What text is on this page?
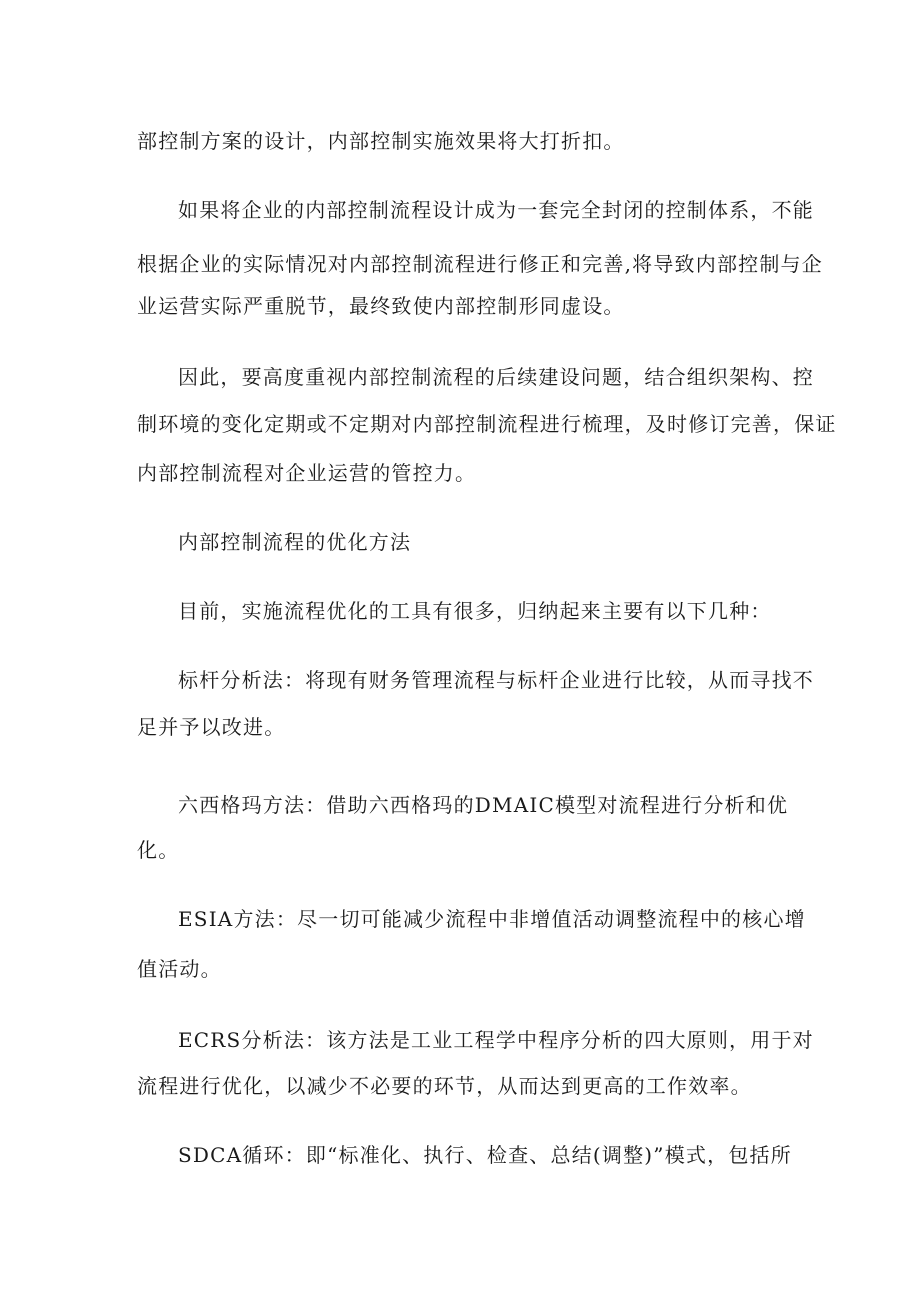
部控制方案的设计，内部控制实施效果将大打折扣。
如果将企业的内部控制流程设计成为一套完全封闭的控制体系，不能
根据企业的实际情况对内部控制流程进行修正和完善,将导致内部控制与企
业运营实际严重脱节，最终致使内部控制形同虚设。
因此，要高度重视内部控制流程的后续建设问题，结合组织架构、控
制环境的变化定期或不定期对内部控制流程进行梳理，及时修订完善，保证
内部控制流程对企业运营的管控力。
内部控制流程的优化方法
目前，实施流程优化的工具有很多，归纳起来主要有以下几种：
标杆分析法：将现有财务管理流程与标杆企业进行比较，从而寻找不
足并予以改进。
六西格玛方法：借助六西格玛的DMAIC模型对流程进行分析和优
化。
ESIA方法：尽一切可能减少流程中非增值活动调整流程中的核心增
值活动。
ECRS分析法：该方法是工业工程学中程序分析的四大原则，用于对
流程进行优化，以减少不必要的环节，从而达到更高的工作效率。
SDCA循环：即“标准化、执行、检查、总结(调整)”模式，包括所
